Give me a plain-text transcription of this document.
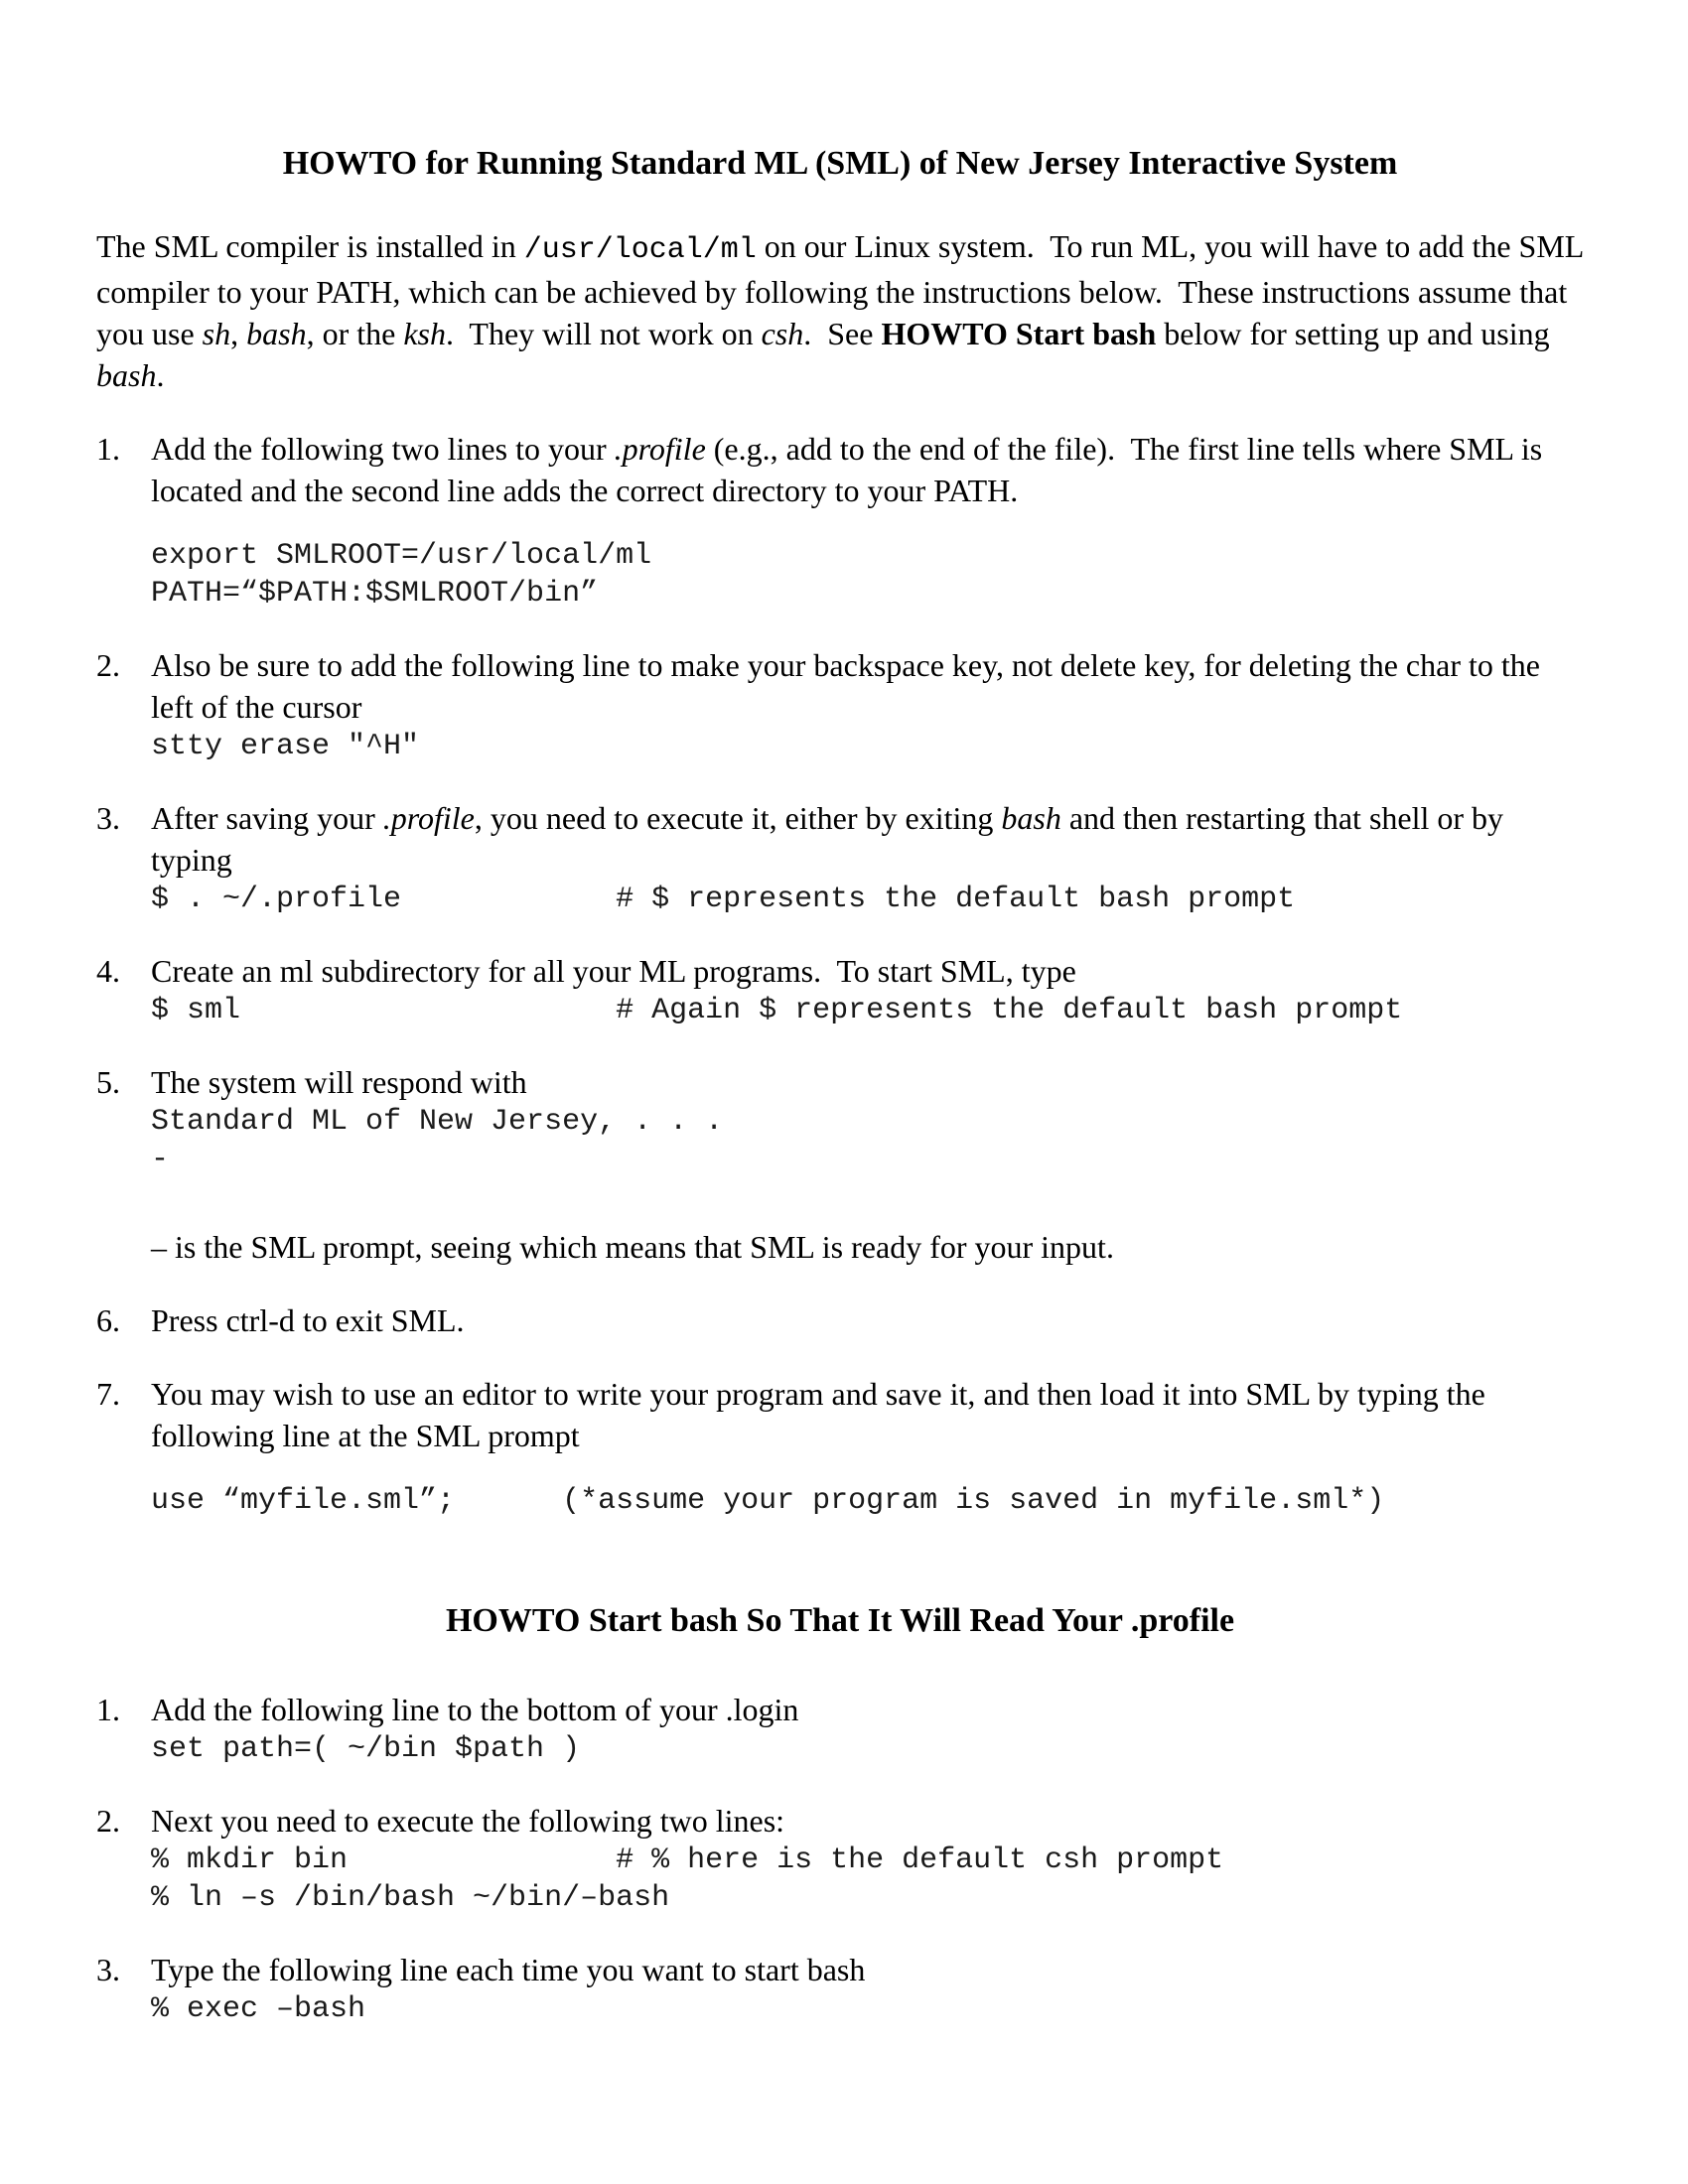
HOWTO for Running Standard ML (SML) of New Jersey Interactive System

The SML compiler is installed in /usr/local/ml on our Linux system.  To run ML, you will have to add the SML compiler to your PATH, which can be achieved by following the instructions below.  These instructions assume that you use sh, bash, or the ksh.  They will not work on csh.  See HOWTO Start bash below for setting up and using bash.

1. Add the following two lines to your .profile (e.g., add to the end of the file).  The first line tells where SML is located and the second line adds the correct directory to your PATH.

export SMLROOT=/usr/local/ml
PATH=“$PATH:$SMLROOT/bin”
2. Also be sure to add the following line to make your backspace key, not delete key, for deleting the char to the left of the cursor

stty erase "^H"
3. After saving your .profile, you need to execute it, either by exiting bash and then restarting that shell or by typing

$ . ~/.profile            # $ represents the default bash prompt
4. Create an ml subdirectory for all your ML programs.  To start SML, type

$ sml                     # Again $ represents the default bash prompt
5. The system will respond with

Standard ML of New Jersey, . . .
-

– is the SML prompt, seeing which means that SML is ready for your input.

6. Press ctrl-d to exit SML.

7. You may wish to use an editor to write your program and save it, and then load it into SML by typing the following line at the SML prompt

use “myfile.sml”;      (*assume your program is saved in myfile.sml*)
HOWTO Start bash So That It Will Read Your .profile
1. Add the following line to the bottom of your .login

set path=( ~/bin $path )
2. Next you need to execute the following two lines:

% mkdir bin               # % here is the default csh prompt
% ln –s /bin/bash ~/bin/–bash
3. Type the following line each time you want to start bash

% exec –bash
